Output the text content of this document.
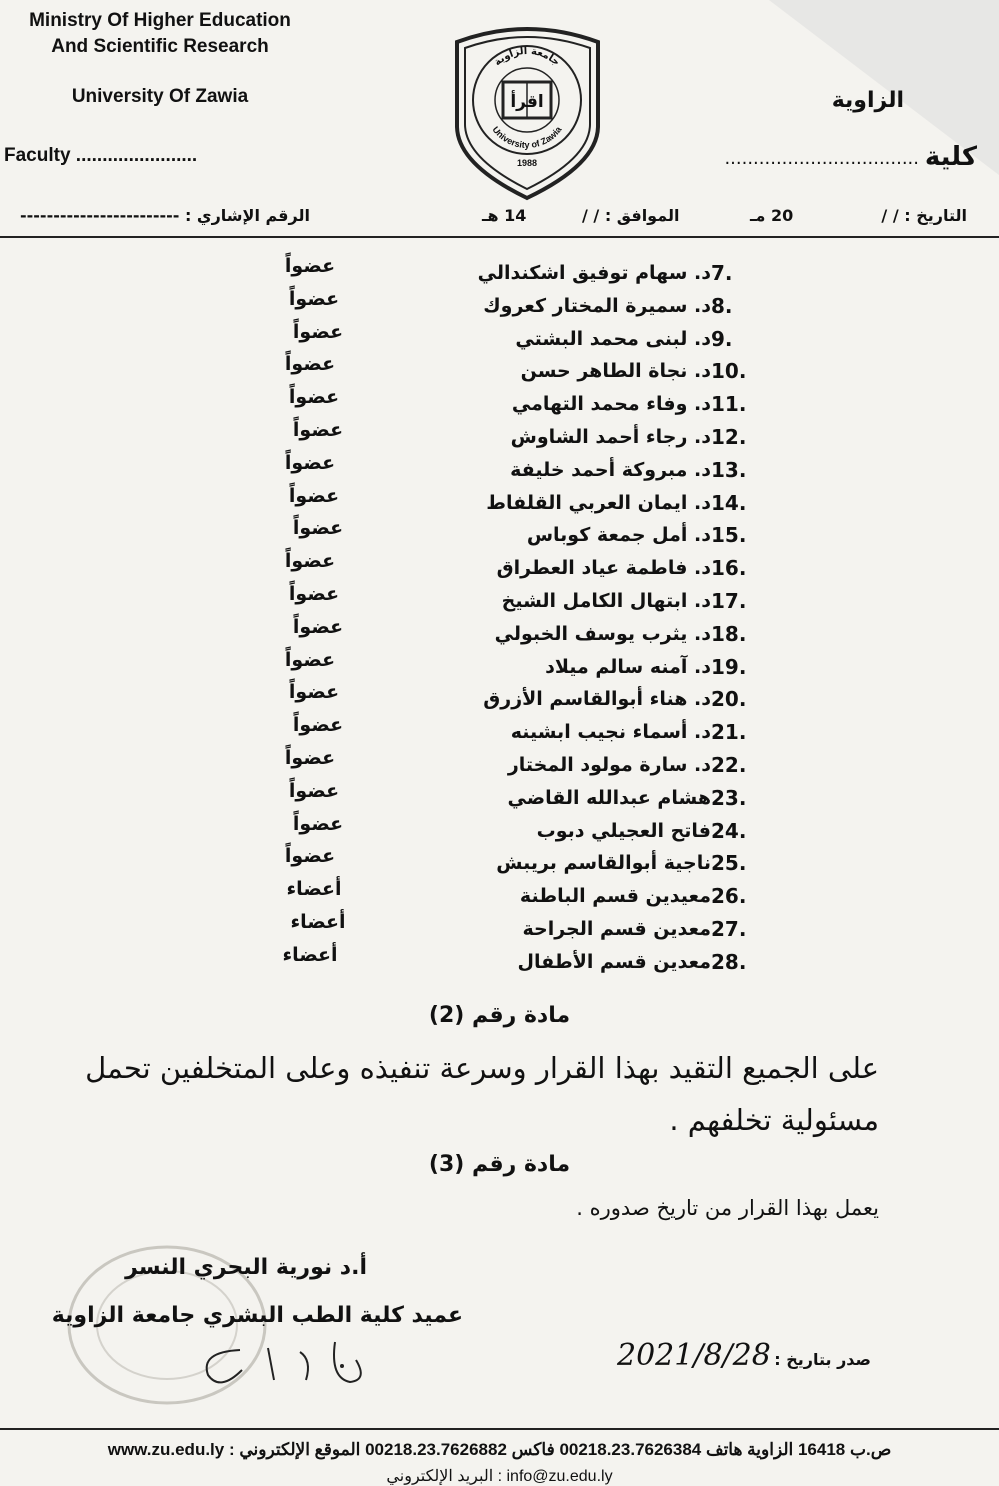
Ministry Of Higher Education
And Scientific Research
University Of Zawia
Faculty .......................
الزاوية
كلية
..................................
اقرأ
جامعة الزاوية
University of Zawia
1988
الرقم الإشاري : ------------------------	14 هـ	الموافق : / /	20 مـ	التاريخ : / /
7.
د. سهام توفيق اشكندالي
عضواً
8.
د. سميرة المختار كعروك
عضواً
9.
د. لبنى محمد البشتي
عضواً
10.
د. نجاة الطاهر حسن
عضواً
11.
د. وفاء محمد التهامي
عضواً
12.
د. رجاء أحمد الشاوش
عضواً
13.
د. مبروكة أحمد خليفة
عضواً
14.
د. ايمان العربي القلفاط
عضواً
15.
د. أمل جمعة كوباس
عضواً
16.
د. فاطمة عياد العطراق
عضواً
17.
د. ابتهال الكامل الشيخ
عضواً
18.
د. يثرب يوسف الخبولي
عضواً
19.
د. آمنه سالم ميلاد
عضواً
20.
د. هناء أبوالقاسم الأزرق
عضواً
21.
د. أسماء نجيب ابشينه
عضواً
22.
د. سارة مولود المختار
عضواً
23.
هشام عبدالله القاضي
عضواً
24.
فاتح العجيلي دبوب
عضواً
25.
ناجية أبوالقاسم بريبش
عضواً
26.
معيدين قسم الباطنة
أعضاء
27.
معدين قسم الجراحة
أعضاء
28.
معدين قسم الأطفال
أعضاء
مادة رقم (2)
على الجميع التقيد بهذا القرار وسرعة تنفيذه وعلى المتخلفين تحمل مسئولية تخلفهم .
مادة رقم (3)
يعمل بهذا القرار من تاريخ صدوره .
أ.د نورية البحري النسر
عميد كلية الطب البشري جامعة الزاوية
صدر بتاريخ :
2021/8/28
ص.ب 16418 الزاوية هاتف 00218.23.7626384 فاكس 00218.23.7626882 الموقع الإلكتروني : www.zu.edu.ly
البريد الإلكتروني : info@zu.edu.ly
